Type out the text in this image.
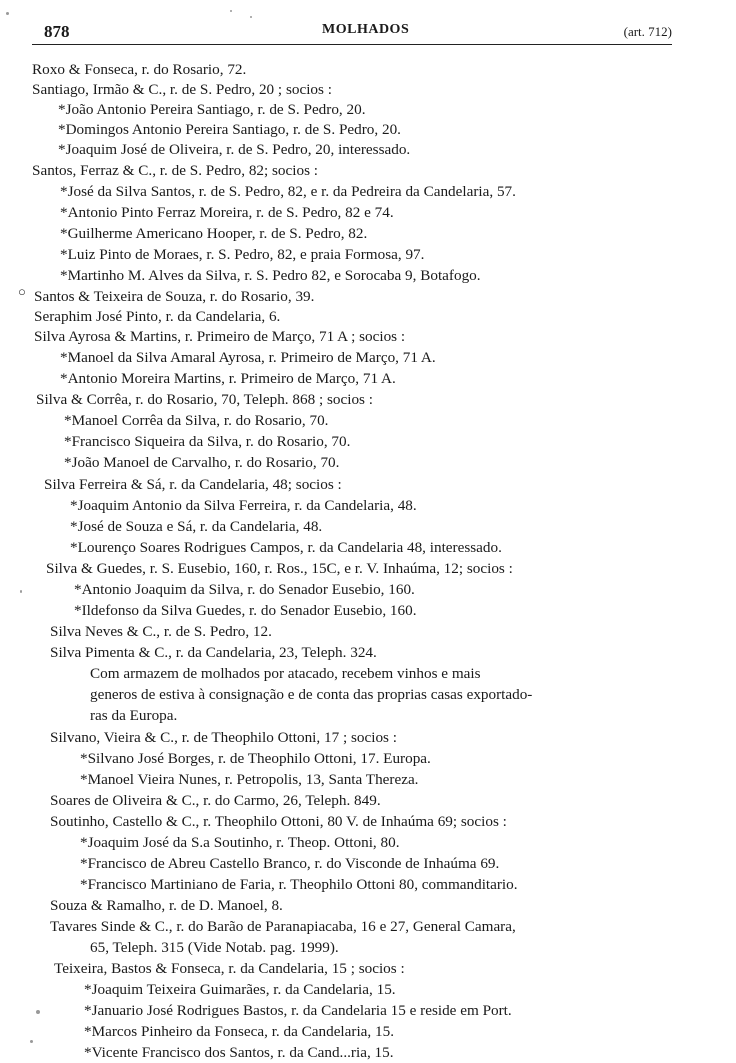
878	MOLHADOS	(art. 712)
○
Roxo & Fonseca, r. do Rosario, 72.
Santiago, Irmão & C., r. de S. Pedro, 20 ; socios :
*João Antonio Pereira Santiago, r. de S. Pedro, 20.
*Domingos Antonio Pereira Santiago, r. de S. Pedro, 20.
*Joaquim José de Oliveira, r. de S. Pedro, 20, interessado.
Santos, Ferraz & C., r. de S. Pedro, 82; socios :
*José da Silva Santos, r. de S. Pedro, 82, e r. da Pedreira da Candelaria, 57.
*Antonio Pinto Ferraz Moreira, r. de S. Pedro, 82 e 74.
*Guilherme Americano Hooper, r. de S. Pedro, 82.
*Luiz Pinto de Moraes, r. S. Pedro, 82, e praia Formosa, 97.
*Martinho M. Alves da Silva, r. S. Pedro 82, e Sorocaba 9, Botafogo.
Santos & Teixeira de Souza, r. do Rosario, 39.
Seraphim José Pinto, r. da Candelaria, 6.
Silva Ayrosa & Martins, r. Primeiro de Março, 71 A ; socios :
*Manoel da Silva Amaral Ayrosa, r. Primeiro de Março, 71 A.
*Antonio Moreira Martins, r. Primeiro de Março, 71 A.
Silva & Corrêa, r. do Rosario, 70, Teleph. 868 ; socios :
*Manoel Corrêa da Silva, r. do Rosario, 70.
*Francisco Siqueira da Silva, r. do Rosario, 70.
*João Manoel de Carvalho, r. do Rosario, 70.
Silva Ferreira & Sá, r. da Candelaria, 48; socios :
*Joaquim Antonio da Silva Ferreira, r. da Candelaria, 48.
*José de Souza e Sá, r. da Candelaria, 48.
*Lourenço Soares Rodrigues Campos, r. da Candelaria 48, interessado.
Silva & Guedes, r. S. Eusebio, 160, r. Ros., 15C, e r. V. Inhaúma, 12; socios :
*Antonio Joaquim da Silva, r. do Senador Eusebio, 160.
*Ildefonso da Silva Guedes, r. do Senador Eusebio, 160.
Silva Neves & C., r. de S. Pedro, 12.
Silva Pimenta & C., r. da Candelaria, 23, Teleph. 324.
Com armazem de molhados por atacado, recebem vinhos e mais
generos de estiva à consignação e de conta das proprias casas exportado-
ras da Europa.
Silvano, Vieira & C., r. de Theophilo Ottoni, 17 ; socios :
*Silvano José Borges, r. de Theophilo Ottoni, 17. Europa.
*Manoel Vieira Nunes, r. Petropolis, 13, Santa Thereza.
Soares de Oliveira & C., r. do Carmo, 26, Teleph. 849.
Soutinho, Castello & C., r. Theophilo Ottoni, 80 V. de Inhaúma 69; socios :
*Joaquim José da S.a Soutinho, r. Theop. Ottoni, 80.
*Francisco de Abreu Castello Branco, r. do Visconde de Inhaúma 69.
*Francisco Martiniano de Faria, r. Theophilo Ottoni 80, commanditario.
Souza & Ramalho, r. de D. Manoel, 8.
Tavares Sinde & C., r. do Barão de Paranapiacaba, 16 e 27, General Camara,
65, Teleph. 315 (Vide Notab. pag. 1999).
Teixeira, Bastos & Fonseca, r. da Candelaria, 15 ; socios :
*Joaquim Teixeira Guimarães, r. da Candelaria, 15.
*Januario José Rodrigues Bastos, r. da Candelaria 15 e reside em Port.
*Marcos Pinheiro da Fonseca, r. da Candelaria, 15.
*Vicente Francisco dos Santos, r. da Cand...ria, 15.
